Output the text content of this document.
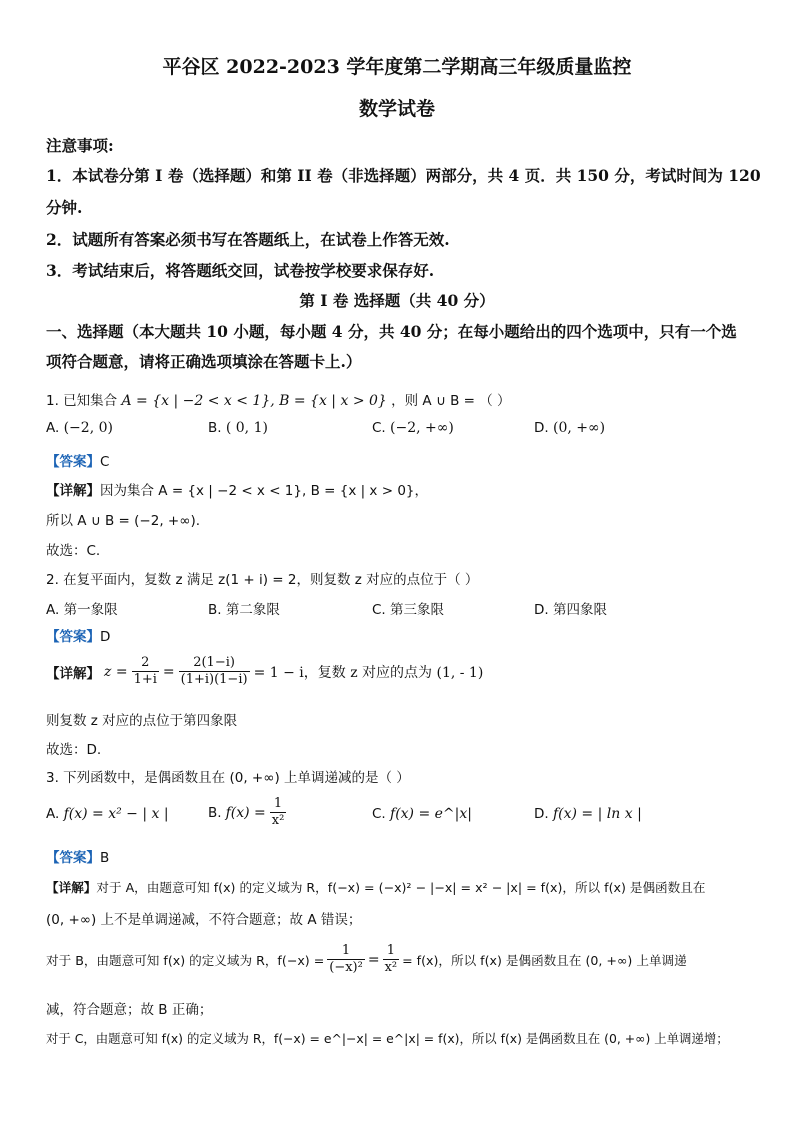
平谷区 2022-2023 学年度第二学期高三年级质量监控
数学试卷
注意事项:
1．本试卷分第 I 卷（选择题）和第 II 卷（非选择题）两部分，共 4 页．共 150 分，考试时间为 120
分钟.
2．试题所有答案必须书写在答题纸上，在试卷上作答无效.
3．考试结束后，将答题纸交回，试卷按学校要求保存好.
第 I 卷 选择题（共 40 分）
一、选择题（本大题共 10 小题，每小题 4 分，共 40 分；在每小题给出的四个选项中，只有一个选
项符合题意，请将正确选项填涂在答题卡上.）
1. 已知集合 A = {x | −2 < x < 1}, B = {x | x > 0} ，则 A ∪ B = （ ）
A. (−2, 0)	B. ( 0, 1)	C. (−2, +∞)	D. (0, +∞)
【答案】C
【详解】因为集合 A = {x | −2 < x < 1}, B = {x | x > 0}，
所以 A ∪ B = (−2, +∞).
故选：C.
2. 在复平面内，复数 z 满足 z(1 + i) = 2，则复数 z 对应的点位于（ ）
A. 第一象限	B. 第二象限	C. 第三象限	D. 第四象限
【答案】D
【详解】 $z = \frac{2}{1+i} = \frac{2(1-i)}{(1+i)(1-i)} = 1 - i$，复数 z 对应的点为 (1, - 1)
则复数 z 对应的点位于第四象限
故选：D.
3. 下列函数中，是偶函数且在 (0, +∞) 上单调递减的是（ ）
A. f(x) = x² − | x |	B. $f(x) = \frac{1}{\text{x²}}$	C. f(x) = e^|x|	D. f(x) = | ln x |
【答案】B
【详解】对于 A，由题意可知 f(x) 的定义域为 R，f(−x) = (−x)² − |−x| = x² − |x| = f(x)，所以 f(x) 是偶函数且在
(0, +∞) 上不是单调递减，不符合题意；故 A 错误；
对于 B，由题意可知 f(x) 的定义域为 R，$f(-x) = \frac{1}{\text{(−x)²}} = \frac{1}{\text{x²}} = f(x)$，所以 f(x) 是偶函数且在 (0, +∞) 上单调递
减，符合题意；故 B 正确；
对于 C，由题意可知 f(x) 的定义域为 R，f(−x) = e^|−x| = e^|x| = f(x)，所以 f(x) 是偶函数且在 (0, +∞) 上单调递增；
